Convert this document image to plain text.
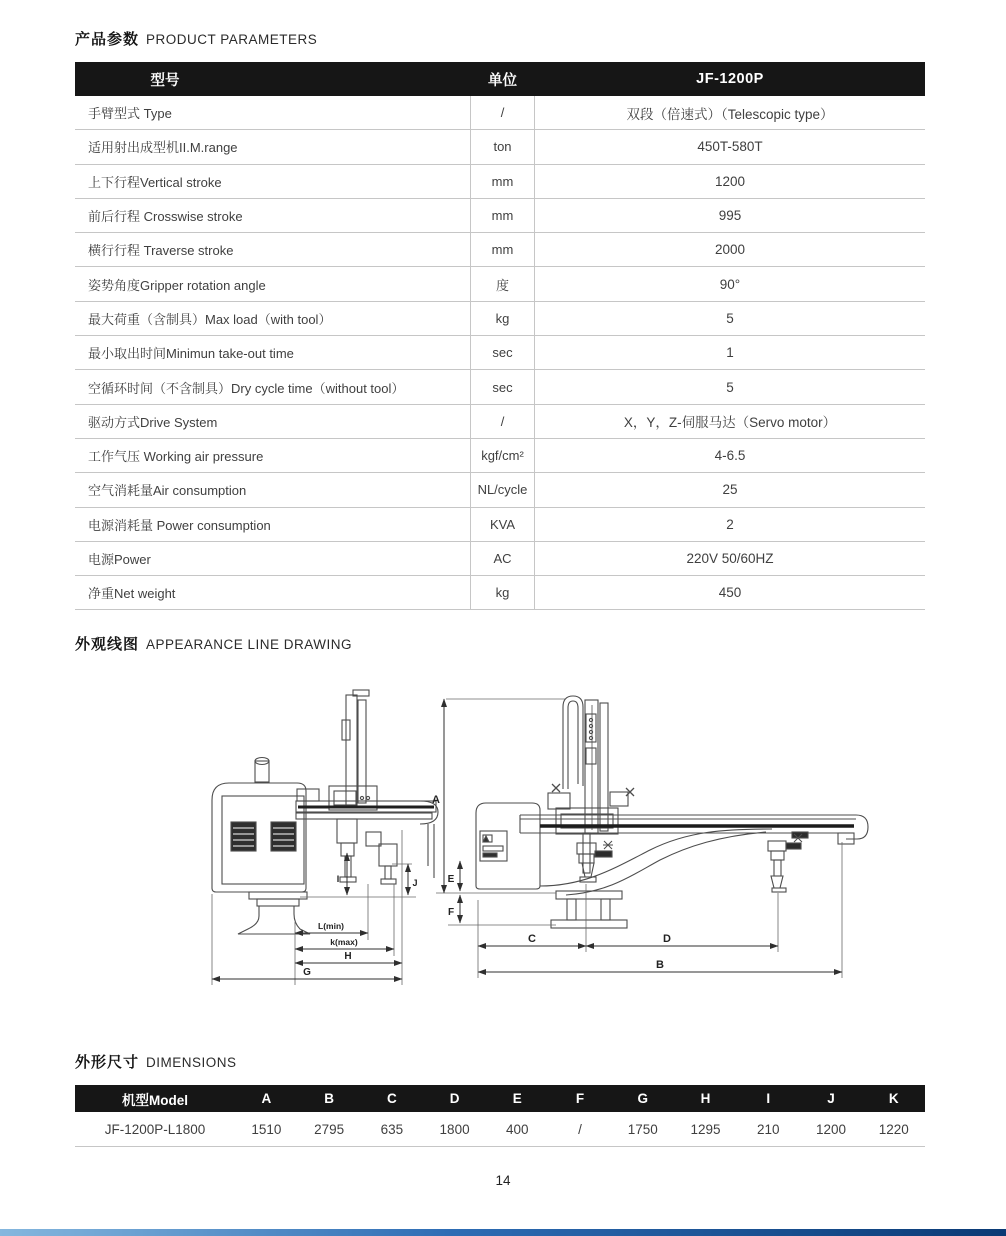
产品参数 PRODUCT PARAMETERS
型号	单位	JF-1200P
手臂型式 Type	/	双段（倍速式）（Telescopic type）
适用射出成型机II.M.range	ton	450T-580T
上下行程Vertical stroke	mm	1200
前后行程 Crosswise stroke	mm	995
横行行程 Traverse stroke	mm	2000
姿势角度Gripper rotation angle	度	90°
最大荷重（含制具）Max load（with tool）	kg	5
最小取出时间Minimun take-out time	sec	1
空循环时间（不含制具）Dry cycle time（without tool）	sec	5
驱动方式Drive System	/	X，Y，Z-伺服马达（Servo motor）
工作气压 Working air pressure	kgf/cm²	4-6.5
空气消耗量Air consumption	NL/cycle	25
电源消耗量 Power consumption	KVA	2
电源Power	AC	220V 50/60HZ
净重Net weight	kg	450
外观线图 APPEARANCE LINE DRAWING
I	J
L(min)
k(max)
H
G
A
E
F
C	D
B
外形尺寸 DIMENSIONS
机型Model	A	B	C	D	E	F	G	H	I	J	K
JF-1200P-L1800	1510	2795	635	1800	400	/	1750	1295	210	1200	1220
14
